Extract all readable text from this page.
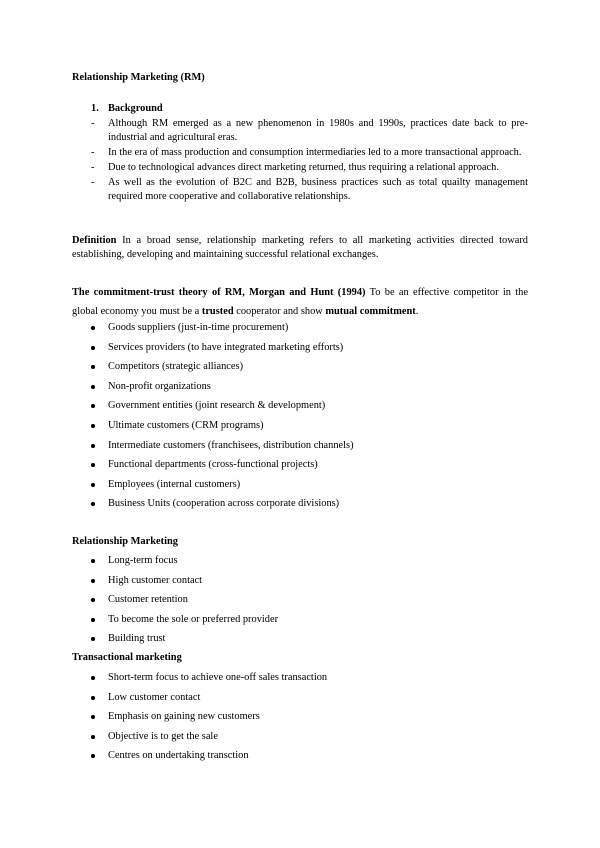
Relationship Marketing (RM)
1. Background
- Although RM emerged as a new phenomenon in 1980s and 1990s, practices date back to pre-industrial and agricultural eras.
- In the era of mass production and consumption intermediaries led to a more transactional approach.
- Due to technological advances direct marketing returned, thus requiring a relational approach.
- As well as the evolution of B2C and B2B, business practices such as total quailty management required more cooperative and collaborative relationships.
Definition In a broad sense, relationship marketing refers to all marketing activities directed toward establishing, developing and maintaining successful relational exchanges.
The commitment-trust theory of RM, Morgan and Hunt (1994) To be an effective competitor in the global economy you must be a trusted cooperator and show mutual commitment.
Goods suppliers (just-in-time procurement)
Services providers (to have integrated marketing efforts)
Competitors (strategic alliances)
Non-profit organizations
Government entities (joint research & development)
Ultimate customers (CRM programs)
Intermediate customers (franchisees, distribution channels)
Functional departments (cross-functional projects)
Employees (internal customers)
Business Units (cooperation across corporate divisions)
Relationship Marketing
Long-term focus
High customer contact
Customer retention
To become the sole or preferred provider
Building trust
Transactional marketing
Short-term focus to achieve one-off sales transaction
Low customer contact
Emphasis on gaining new customers
Objective is to get the sale
Centres on undertaking transction
